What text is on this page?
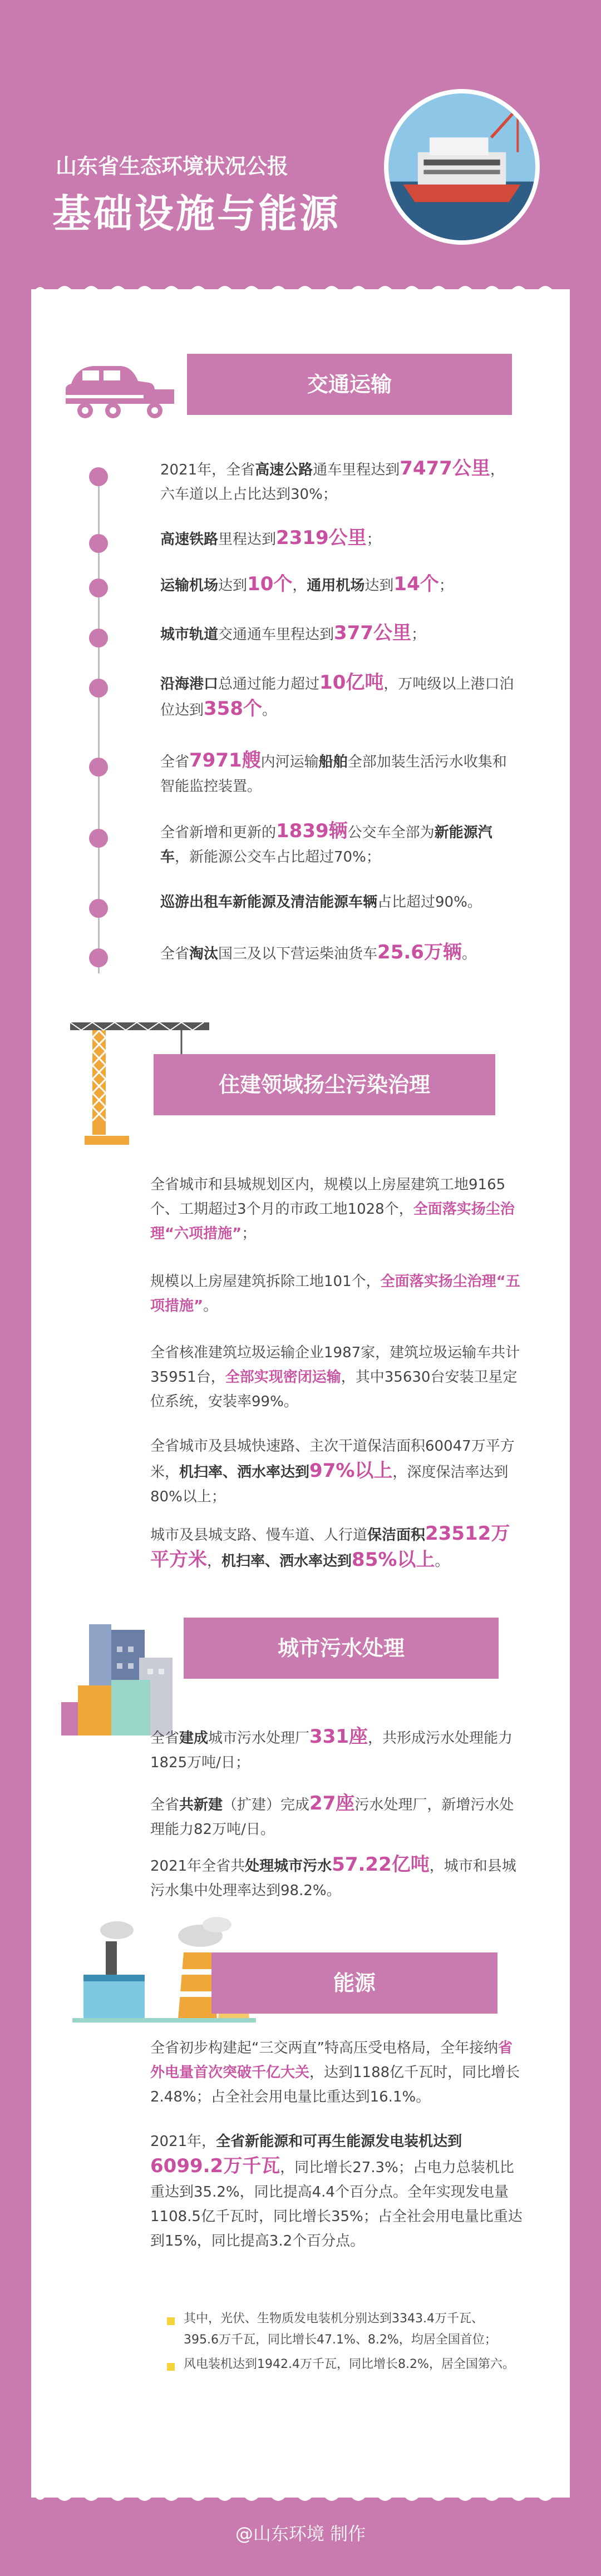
山东省生态环境状况公报
基础设施与能源
交通运输
2021年，全省高速公路通车里程达到7477公里，六车道以上占比达到30%；
高速铁路里程达到2319公里；
运输机场达到10个，通用机场达到14个；
城市轨道交通通车里程达到377公里；
沿海港口总通过能力超过10亿吨，万吨级以上港口泊位达到358个。
全省7971艘内河运输船舶全部加装生活污水收集和智能监控装置。
全省新增和更新的1839辆公交车全部为新能源汽车，新能源公交车占比超过70%；
巡游出租车新能源及清洁能源车辆占比超过90%。
全省淘汰国三及以下营运柴油货车25.6万辆。
住建领域扬尘污染治理
全省城市和县城规划区内，规模以上房屋建筑工地9165个、工期超过3个月的市政工地1028个，全面落实扬尘治理“六项措施”；
规模以上房屋建筑拆除工地101个，全面落实扬尘治理“五项措施”。
全省核准建筑垃圾运输企业1987家，建筑垃圾运输车共计35951台，全部实现密闭运输，其中35630台安装卫星定位系统，安装率99%。
全省城市及县城快速路、主次干道保洁面积60047万平方米，机扫率、洒水率达到97%以上，深度保洁率达到80%以上；
城市及县城支路、慢车道、人行道保洁面积23512万平方米，机扫率、洒水率达到85%以上。
城市污水处理
全省建成城市污水处理厂331座，共形成污水处理能力1825万吨/日；
全省共新建（扩建）完成27座污水处理厂，新增污水处理能力82万吨/日。
2021年全省共处理城市污水57.22亿吨，城市和县城污水集中处理率达到98.2%。
能源
全省初步构建起“三交两直”特高压受电格局，全年接纳省外电量首次突破千亿大关，达到1188亿千瓦时，同比增长2.48%；占全社会用电量比重达到16.1%。
2021年，全省新能源和可再生能源发电装机达到6099.2万千瓦，同比增长27.3%；占电力总装机比重达到35.2%，同比提高4.4个百分点。全年实现发电量1108.5亿千瓦时，同比增长35%；占全社会用电量比重达到15%，同比提高3.2个百分点。
其中，光伏、生物质发电装机分别达到3343.4万千瓦、395.6万千瓦，同比增长47.1%、8.2%，均居全国首位；
风电装机达到1942.4万千瓦，同比增长8.2%，居全国第六。
@山东环境 制作
